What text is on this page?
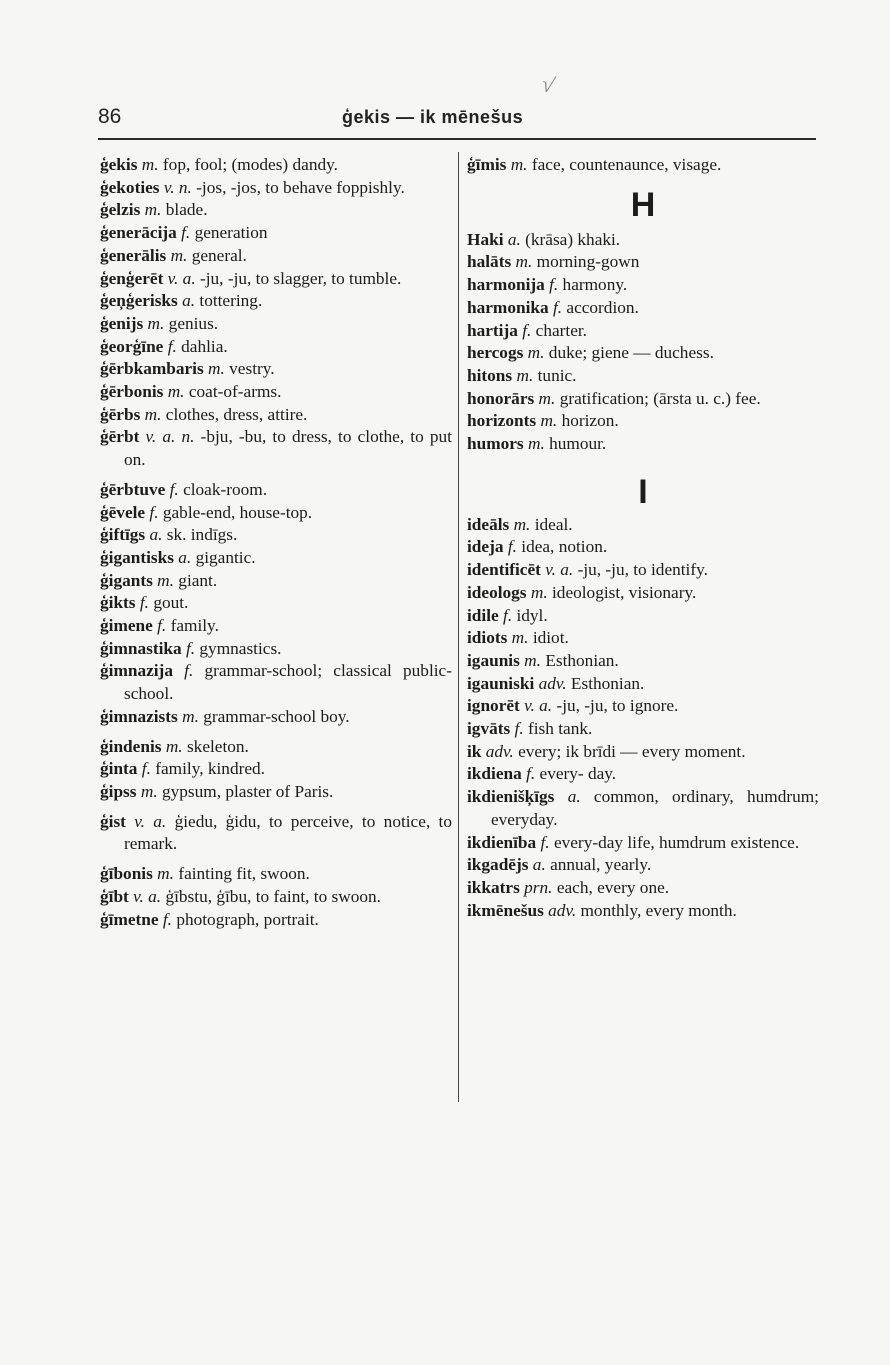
86	ģekis — ik mēnešus
√
ģekis m. fop, fool; (modes) dandy.
ģekoties v. n. -jos, -jos, to behave foppishly.
ģelzis m. blade.
ģenerācija f. generation
ģenerālis m. general.
ģenģerēt v. a. -ju, -ju, to slagger, to tumble.
ģeņģerisks a. tottering.
ģenijs m. genius.
ģeorģīne f. dahlia.
ģērbkambaris m. vestry.
ģērbonis m. coat-of-arms.
ģērbs m. clothes, dress, attire.
ģērbt v. a. n. -bju, -bu, to dress, to clothe, to put on.
ģērbtuve f. cloak-room.
ģēvele f. gable-end, house-top.
ģiftīgs a. sk. indīgs.
ģigantisks a. gigantic.
ģigants m. giant.
ģikts f. gout.
ģimene f. family.
ģimnastika f. gymnastics.
ģimnazija f. grammar-school; classical public-school.
ģimnazists m. grammar-school boy.
ģindenis m. skeleton.
ģinta f. family, kindred.
ģipss m. gypsum, plaster of Paris.
ģist v. a. ģiedu, ģidu, to perceive, to notice, to remark.
ģībonis m. fainting fit, swoon.
ģībt v. a. ģībstu, ģību, to faint, to swoon.
ģīmetne f. photograph, portrait.
ģīmis m. face, countenaunce, visage.
H
Haki a. (krāsa) khaki.
halāts m. morning-gown
harmonija f. harmony.
harmonika f. accordion.
hartija f. charter.
hercogs m. duke; giene — duchess.
hitons m. tunic.
honorārs m. gratification; (ārsta u. c.) fee.
horizonts m. horizon.
humors m. humour.
I
ideāls m. ideal.
ideja f. idea, notion.
identificēt v. a. -ju, -ju, to identify.
ideologs m. ideologist, visionary.
idile f. idyl.
idiots m. idiot.
igaunis m. Esthonian.
igauniski adv. Esthonian.
ignorēt v. a. -ju, -ju, to ignore.
igvāts f. fish tank.
ik adv. every; ik brīdi — every moment.
ikdiena f. every- day.
ikdienišķīgs a. common, ordinary, humdrum; everyday.
ikdienība f. every-day life, humdrum existence.
ikgadējs a. annual, yearly.
ikkatrs prn. each, every one.
ikmēnešus adv. monthly, every month.
